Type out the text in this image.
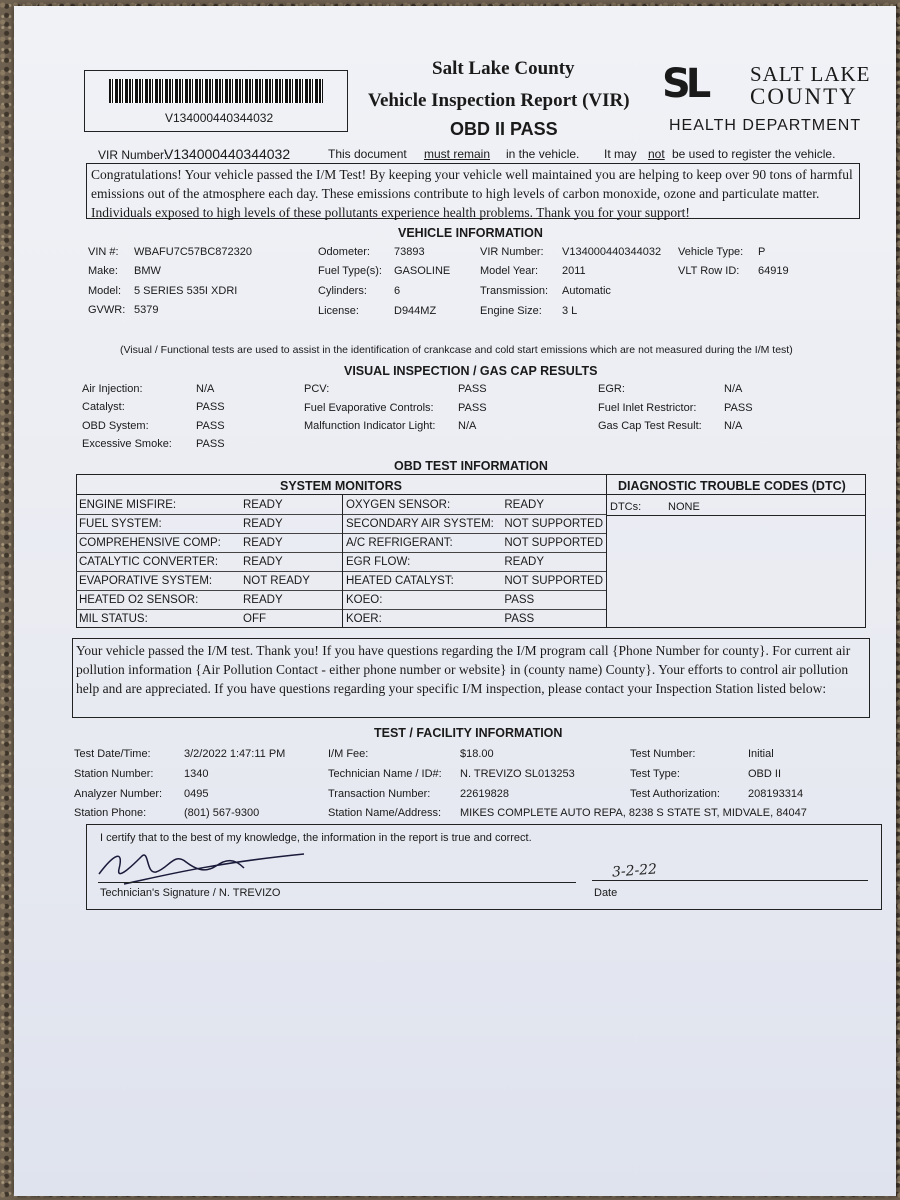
V134000440344032
Salt Lake County
Vehicle Inspection Report (VIR)
OBD II PASS
SL SALT LAKE
COUNTY
HEALTH DEPARTMENT
VIR Number:
V134000440344032	This document must remain in the vehicle. It may not be used to register the vehicle.
Congratulations! Your vehicle passed the I/M Test! By keeping your vehicle well maintained you are helping to keep over 90 tons of harmful emissions out of the atmosphere each day. These emissions contribute to high levels of carbon monoxide, ozone and particulate matter. Individuals exposed to high levels of these pollutants experience health problems. Thank you for your support!
VEHICLE INFORMATION
VIN #: WBAFU7C57BC872320
Make: BMW
Model: 5 SERIES 535I XDRI
GVWR: 5379
Odometer: 73893
Fuel Type(s): GASOLINE
Cylinders: 6
License:	D944MZ
VIR Number: V134000440344032
Model Year: 2011
Transmission: Automatic
Engine Size: 3 L
Vehicle Type: P
VLT Row ID: 64919
(Visual / Functional tests are used to assist in the identification of crankcase and cold start emissions which are not measured during the I/M test)
VISUAL INSPECTION / GAS CAP RESULTS
Air Injection:	N/A
Catalyst:	PASS
OBD System:	PASS
Excessive Smoke: PASS
PCV:	PASS
Fuel Evaporative Controls: PASS
Malfunction Indicator Light: N/A
EGR:	N/A
Fuel Inlet Restrictor:	PASS
Gas Cap Test Result: N/A
OBD TEST INFORMATION
SYSTEM MONITORS	DIAGNOSTIC TROUBLE CODES (DTC)
DTCs: NONE
ENGINE MISFIRE:	READY
FUEL SYSTEM:	READY
COMPREHENSIVE COMP:	READY
CATALYTIC CONVERTER:	READY
EVAPORATIVE SYSTEM:	NOT READY
HEATED O2 SENSOR:	READY
MIL STATUS:	OFF
OXYGEN SENSOR:	READY
SECONDARY AIR SYSTEM:	NOT SUPPORTED
A/C REFRIGERANT:	NOT SUPPORTED
EGR FLOW:	READY
HEATED CATALYST:	NOT SUPPORTED
KOEO:	PASS
KOER:	PASS
Your vehicle passed the I/M test. Thank you! If you have questions regarding the I/M program call {Phone Number for county}. For current air pollution information {Air Pollution Contact - either phone number or website} in (county name) County}. Your efforts to control air pollution help and are appreciated. If you have questions regarding your specific I/M inspection, please contact your Inspection Station listed below:
TEST / FACILITY INFORMATION
Test Date/Time:	3/2/2022 1:47:11 PM
Station Number:	1340
Analyzer Number: 0495
Station Phone:	(801) 567-9300
I/M Fee:	$18.00
Technician Name / ID#: N. TREVIZO SL013253
Transaction Number:	22619828
Station Name/Address: MIKES COMPLETE AUTO REPA, 8238 S STATE ST, MIDVALE, 84047
Test Number:	Initial
Test Type:	OBD II
Test Authorization:	208193314
I certify that to the best of my knowledge, the information in the report is true and correct.
Technician's Signature / N. TREVIZO
3-2-22
Date
